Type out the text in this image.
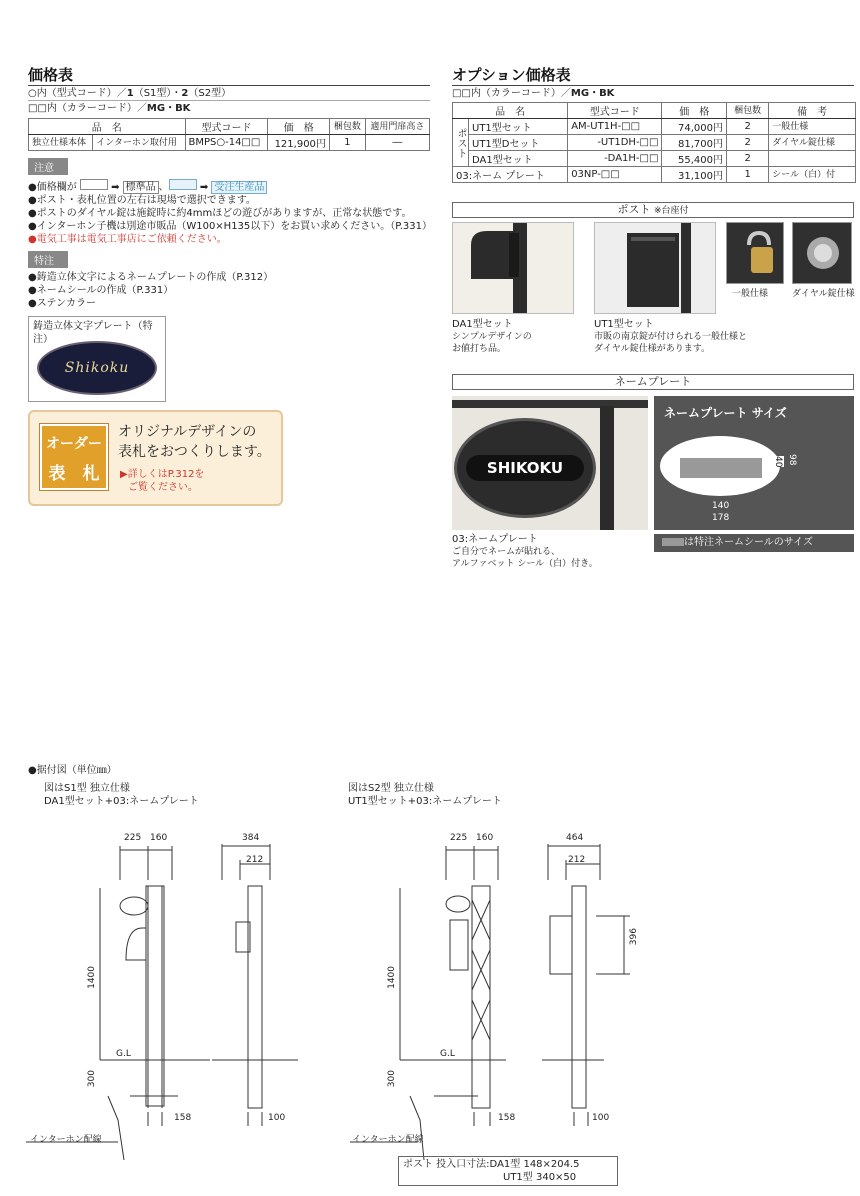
価格表
○内（型式コード）／1（S1型）・2（S2型）
□□内（カラーコード）／MG・BK
品　名		型式コード	価　格	梱包数	適用門扉高さ
独立仕様本体	インターホン取付用	BMPS○-14□□	121,900円	1	―
注意
●価格欄が	➡ 標準品 、	➡ 受注生産品
●ポスト・表札位置の左右は現場で選択できます。
●ポストのダイヤル錠は施錠時に約4mmほどの遊びがありますが、正常な状態です。
●インターホン子機は別途市販品（W100×H135以下）をお買い求めください。（P.331）
●電気工事は電気工事店にご依頼ください。
特注
●鋳造立体文字によるネームプレートの作成（P.312）
●ネームシールの作成（P.331）
●ステンカラー
鋳造立体文字プレート（特注）
Shikoku
オーダー
表　札
オリジナルデザインの
表札をおつくりします。
▶詳しくはP.312を
ご覧ください。
オプション価格表
□□内（カラーコード）／MG・BK
品　名		型式コード	価　格	梱包数	備　考
ポスト	UT1型セット	AM-UT1H-□□	74,000円	2	一般仕様
	UT1型Dセット	-UT1DH-□□	81,700円	2	ダイヤル錠仕様
	DA1型セット	-DA1H-□□	55,400円	2	
03:ネーム プレート		03NP-□□	31,100円	1	シール（白）付
ポスト ※台座付
DA1型セット
シンプルデザインの
お値打ち品。
UT1型セット
市販の南京錠が付けられる一般仕様と
ダイヤル錠仕様があります。
一般仕様	ダイヤル錠仕様
ネームプレート
SHIKOKU
03:ネームプレート
ご自分でネームが貼れる、
アルファベット シール（白）付き。
ネームプレート サイズ
40 98
140
178
は特注ネームシールのサイズ
●据付図（単位㎜）
図はS1型 独立仕様
DA1型セット+03:ネームプレート
図はS2型 独立仕様
UT1型セット+03:ネームプレート
225 160	384
212
1400
300
G.L
158	100
インターホン配線
225 160	464
212
396
1400
300
G.L
158	100
インターホン配線
ポスト 投入口寸法:DA1型 148×204.5
UT1型 340×50
